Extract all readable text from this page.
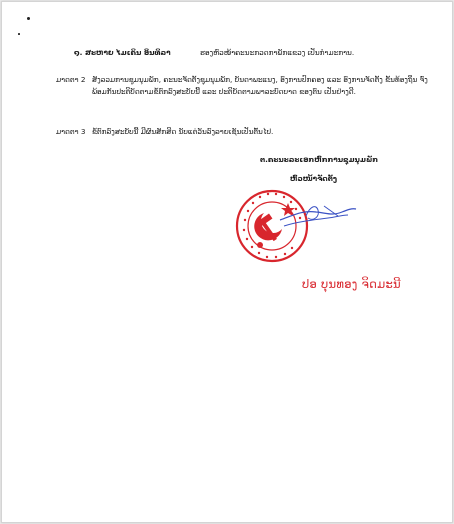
໑. ສະຫາຍ ໄມເຄິນ ອິນທິລາ	ຮອງຫົວໜ້າຄະນະກວດກາພັກແຂວງ ເປັນກຳມະການ.
ມາດຕາ 2 ສັງລວມການຊຸມນຸມພັກ, ຄະນະຈັດຕັ້ງຊຸມນຸມພັກ, ບັນດາພະແນງ, ອົງການປົກຄອງ ແລະ ອົງການຈັດຕັ້ງ ຂັ້ນທ້ອງຖິ່ນ ຈົ່ງພ້ອມກັນປະຕິບັດຕາມຂໍ້ຕົກລົງສະບັບນີ້ ແລະ ປະຕິບັດຕາມພາລະບົດບາດ ຂອງຕົນ ເປັນຢ່າງດີ.
ມາດຕາ 3 ຂໍ້ຕົກລົງສະບັບນີ້ ມີຜົນສັກສິດ ນັບແຕ່ວັນລົງລາຍເຊັນເປັນຕົ້ນໄປ.
ຕ.ຄະນະລະເອກຫົກການຊຸມນຸມພັກ
ຫົວໜ້າຈັດຕັ້ງ
ປອ ບຸນທອງ ຈິດມະນີ
